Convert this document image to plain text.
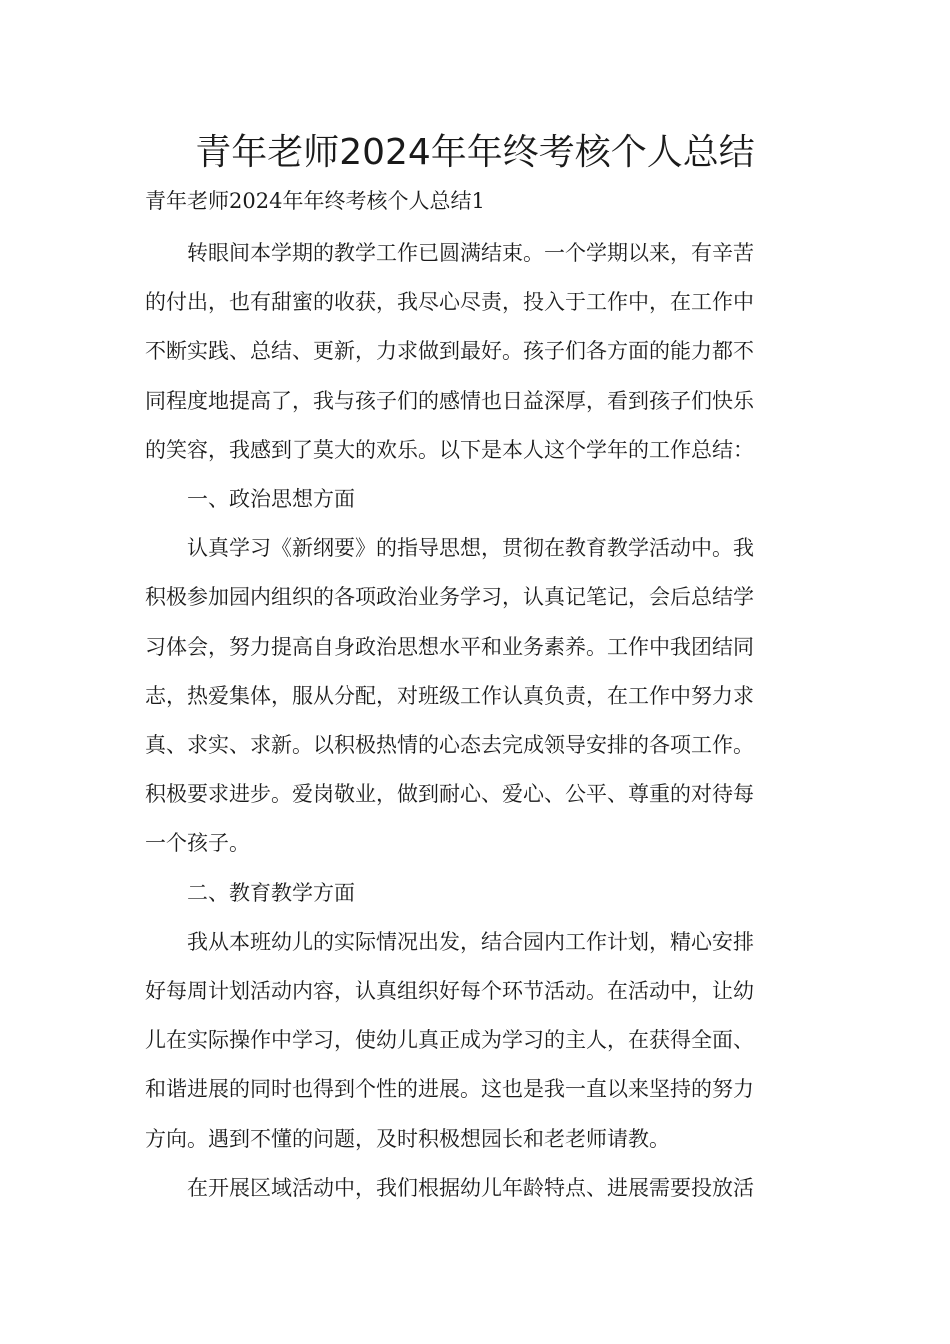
青年老师2024年年终考核个人总结
青年老师2024年年终考核个人总结1

转眼间本学期的教学工作已圆满结束。一个学期以来，有辛苦
的付出，也有甜蜜的收获，我尽心尽责，投入于工作中，在工作中
不断实践、总结、更新，力求做到最好。孩子们各方面的能力都不
同程度地提高了，我与孩子们的感情也日益深厚，看到孩子们快乐
的笑容，我感到了莫大的欢乐。以下是本人这个学年的工作总结：

一、政治思想方面

认真学习《新纲要》的指导思想，贯彻在教育教学活动中。我
积极参加园内组织的各项政治业务学习，认真记笔记，会后总结学
习体会，努力提高自身政治思想水平和业务素养。工作中我团结同
志，热爱集体，服从分配，对班级工作认真负责，在工作中努力求
真、求实、求新。以积极热情的心态去完成领导安排的各项工作。
积极要求进步。爱岗敬业，做到耐心、爱心、公平、尊重的对待每
一个孩子。

二、教育教学方面

我从本班幼儿的实际情况出发，结合园内工作计划，精心安排
好每周计划活动内容，认真组织好每个环节活动。在活动中，让幼
儿在实际操作中学习，使幼儿真正成为学习的主人，在获得全面、
和谐进展的同时也得到个性的进展。这也是我一直以来坚持的努力
方向。遇到不懂的问题，及时积极想园长和老老师请教。

在开展区域活动中，我们根据幼儿年龄特点、进展需要投放活
